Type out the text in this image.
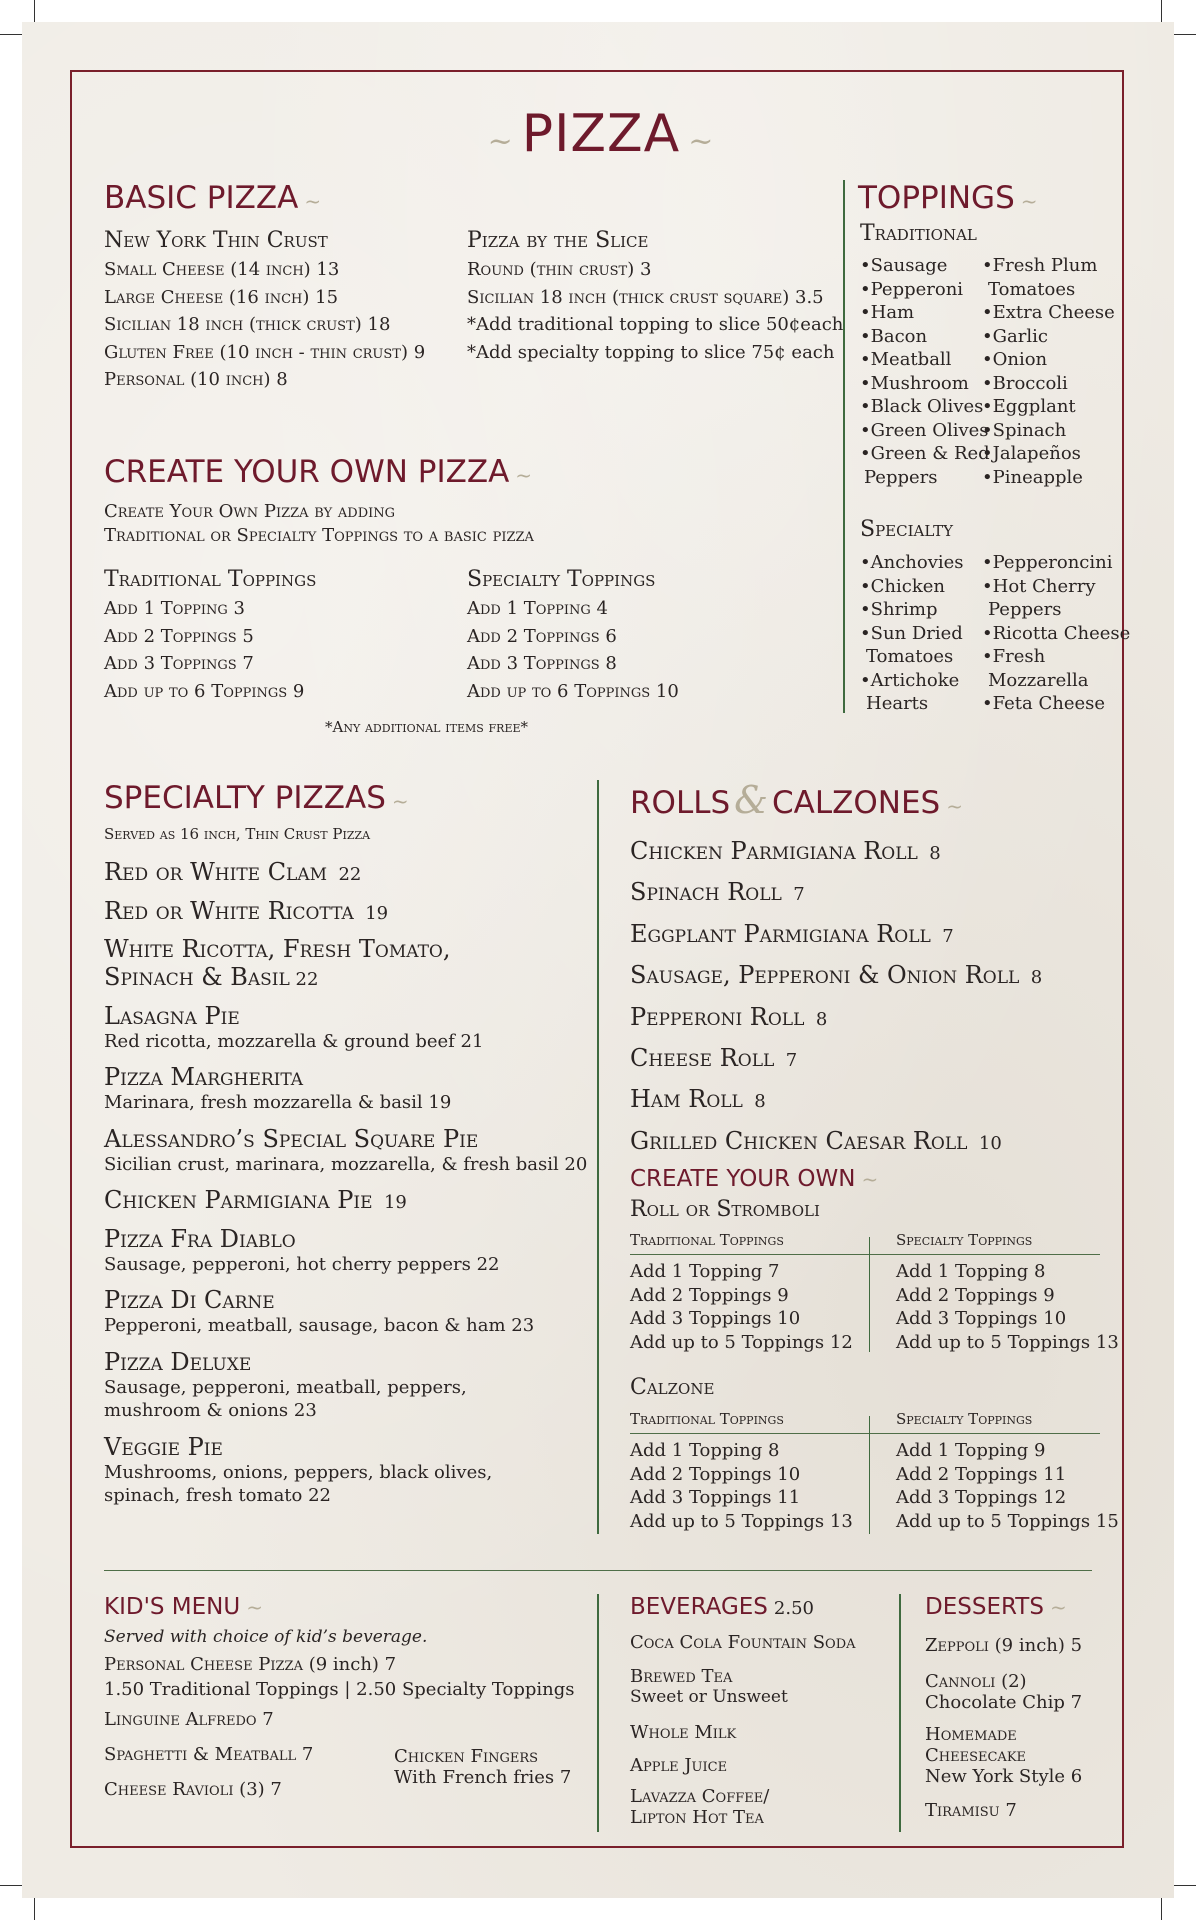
~ PIZZA ~
BASIC PIZZA ~
New York Thin Crust
Small Cheese (14 inch) 13
Large Cheese (16 inch) 15
Sicilian 18 inch (thick crust) 18
Gluten Free (10 inch - thin crust) 9
Personal (10 inch) 8
Pizza by the Slice
Round (thin crust) 3
Sicilian 18 inch (thick crust square) 3.5
*Add traditional topping to slice 50¢each
*Add specialty topping to slice 75¢ each
CREATE YOUR OWN PIZZA ~
Create Your Own Pizza by adding
Traditional or Specialty Toppings to a basic pizza
Traditional Toppings
Add 1 Topping 3
Add 2 Toppings 5
Add 3 Toppings 7
Add up to 6 Toppings 9
Specialty Toppings
Add 1 Topping 4
Add 2 Toppings 6
Add 3 Toppings 8
Add up to 6 Toppings 10
*Any additional items free*
TOPPINGS ~
Traditional
•Sausage
•Pepperoni
•Ham
•Bacon
•Meatball
•Mushroom
•Black Olives
•Green Olives
•Green & Red
Peppers
•Fresh Plum
Tomatoes
•Extra Cheese
•Garlic
•Onion
•Broccoli
•Eggplant
•Spinach
•Jalapeños
•Pineapple
Specialty
•Anchovies
•Chicken
•Shrimp
•Sun Dried
Tomatoes
•Artichoke
Hearts
•Pepperoncini
•Hot Cherry
Peppers
•Ricotta Cheese
•Fresh
Mozzarella
•Feta Cheese
SPECIALTY PIZZAS ~
Served as 16 inch, Thin Crust Pizza
Red or White Clam 22
Red or White Ricotta 19
White Ricotta, Fresh Tomato,
Spinach & Basil 22
Lasagna Pie
Red ricotta, mozzarella & ground beef 21
Pizza Margherita
Marinara, fresh mozzarella & basil 19
Alessandro’s Special Square Pie
Sicilian crust, marinara, mozzarella, & fresh basil 20
Chicken Parmigiana Pie 19
Pizza Fra Diablo
Sausage, pepperoni, hot cherry peppers 22
Pizza Di Carne
Pepperoni, meatball, sausage, bacon & ham 23
Pizza Deluxe
Sausage, pepperoni, meatball, peppers,
mushroom & onions 23
Veggie Pie
Mushrooms, onions, peppers, black olives,
spinach, fresh tomato 22
ROLLS & CALZONES ~
Chicken Parmigiana Roll 8
Spinach Roll 7
Eggplant Parmigiana Roll 7
Sausage, Pepperoni & Onion Roll 8
Pepperoni Roll 8
Cheese Roll 7
Ham Roll 8
Grilled Chicken Caesar Roll 10
CREATE YOUR OWN ~
Roll or Stromboli
Traditional Toppings	Specialty Toppings
Add 1 Topping 7
Add 2 Toppings 9
Add 3 Toppings 10
Add up to 5 Toppings 12
Add 1 Topping 8
Add 2 Toppings 9
Add 3 Toppings 10
Add up to 5 Toppings 13
Calzone
Traditional Toppings	Specialty Toppings
Add 1 Topping 8
Add 2 Toppings 10
Add 3 Toppings 11
Add up to 5 Toppings 13
Add 1 Topping 9
Add 2 Toppings 11
Add 3 Toppings 12
Add up to 5 Toppings 15
KID'S MENU ~
Served with choice of kid’s beverage.
Personal Cheese Pizza (9 inch) 7
1.50 Traditional Toppings | 2.50 Specialty Toppings
Linguine Alfredo 7
Spaghetti & Meatball 7
Cheese Ravioli (3) 7
Chicken Fingers
With French fries 7
BEVERAGES 2.50
Coca Cola Fountain Soda
Brewed Tea
Sweet or Unsweet
Whole Milk
Apple Juice
Lavazza Coffee/
Lipton Hot Tea
DESSERTS ~
Zeppoli (9 inch) 5
Cannoli (2)
Chocolate Chip 7
Homemade
Cheesecake
New York Style 6
Tiramisu 7
